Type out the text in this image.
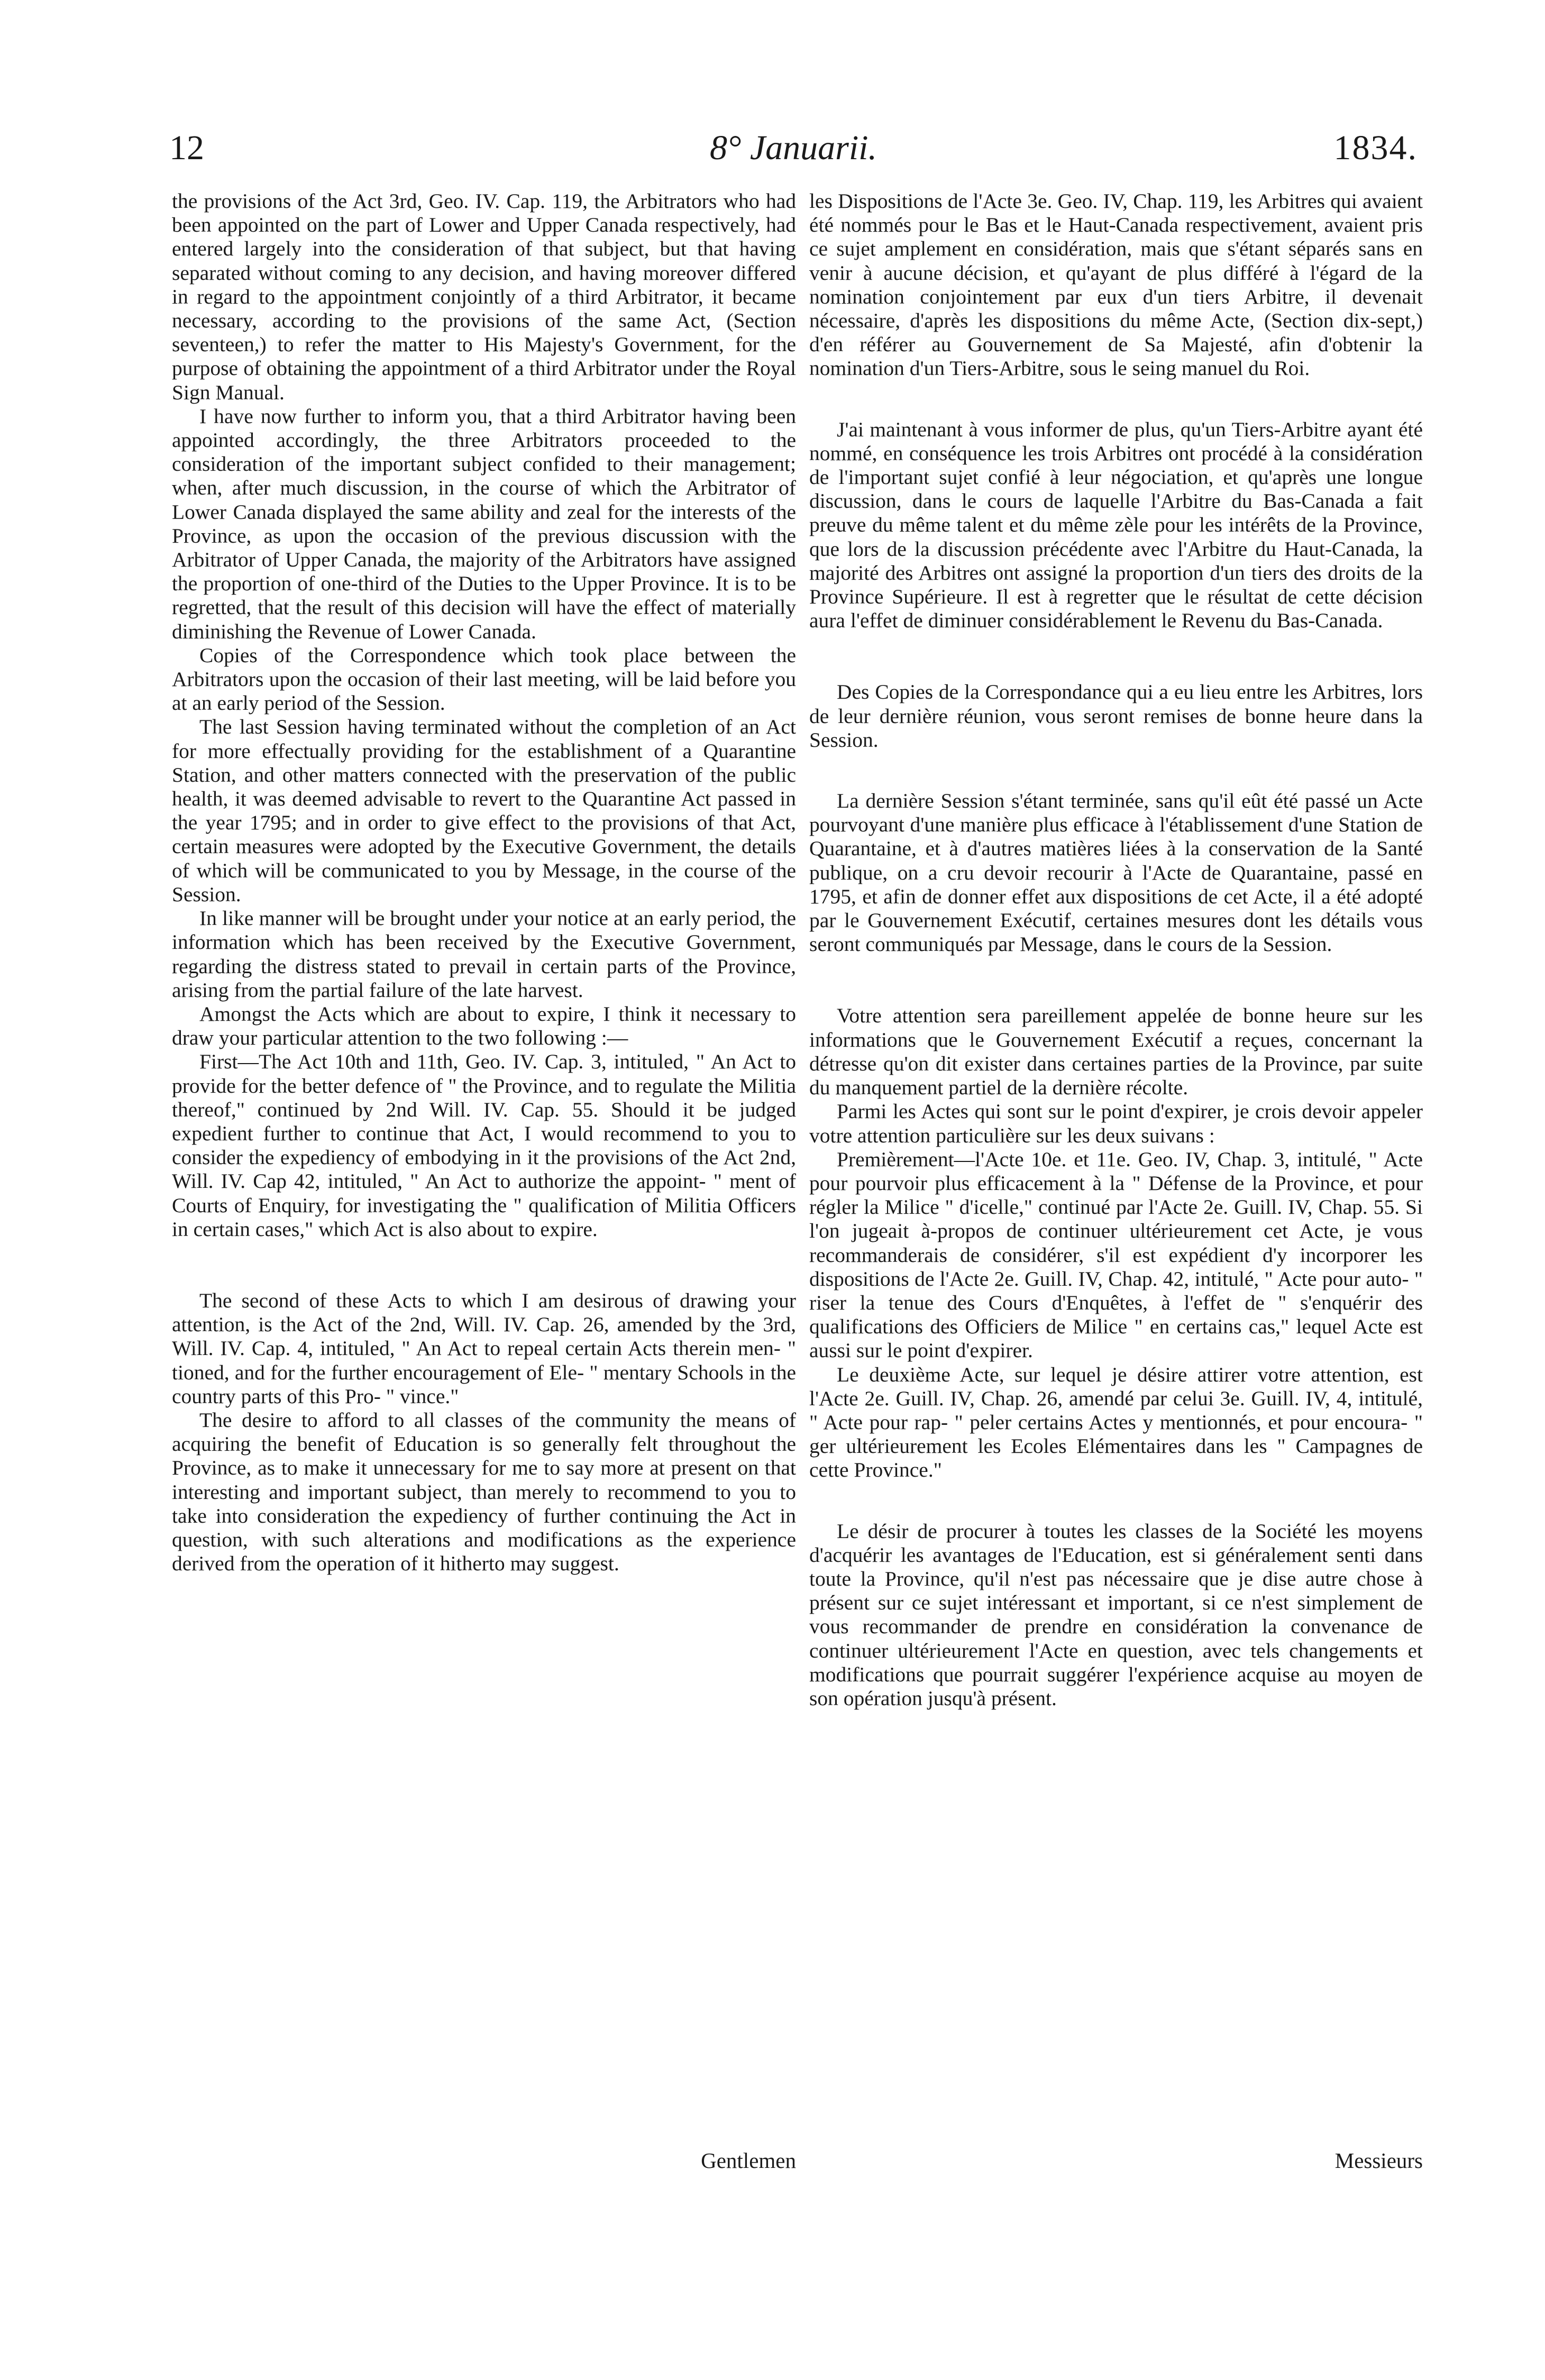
12	8° Januarii.	1834.

the provisions of the Act 3rd, Geo. IV. Cap. 119, the Arbitrators who had been appointed on the part of Lower and Upper Canada respectively, had entered largely into the consideration of that subject, but that having separated without coming to any decision, and having moreover differed in regard to the appointment conjointly of a third Arbitrator, it became necessary, according to the provisions of the same Act, (Section seventeen,) to refer the matter to His Majesty's Government, for the purpose of obtaining the appointment of a third Arbitrator under the Royal Sign Manual.

I have now further to inform you, that a third Arbitrator having been appointed accordingly, the three Arbitrators proceeded to the consideration of the important subject confided to their management; when, after much discussion, in the course of which the Arbitrator of Lower Canada displayed the same ability and zeal for the interests of the Province, as upon the occasion of the previous discussion with the Arbitrator of Upper Canada, the majority of the Arbitrators have assigned the proportion of one-third of the Duties to the Upper Province. It is to be regretted, that the result of this decision will have the effect of materially diminishing the Revenue of Lower Canada.

Copies of the Correspondence which took place between the Arbitrators upon the occasion of their last meeting, will be laid before you at an early period of the Session.

The last Session having terminated without the completion of an Act for more effectually providing for the establishment of a Quarantine Station, and other matters connected with the preservation of the public health, it was deemed advisable to revert to the Quarantine Act passed in the year 1795; and in order to give effect to the provisions of that Act, certain measures were adopted by the Executive Government, the details of which will be communicated to you by Message, in the course of the Session.

In like manner will be brought under your notice at an early period, the information which has been received by the Executive Government, regarding the distress stated to prevail in certain parts of the Province, arising from the partial failure of the late harvest.

Amongst the Acts which are about to expire, I think it necessary to draw your particular attention to the two following :—

First—The Act 10th and 11th, Geo. IV. Cap. 3, intituled, " An Act to provide for the better defence of " the Province, and to regulate the Militia thereof," continued by 2nd Will. IV. Cap. 55. Should it be judged expedient further to continue that Act, I would recommend to you to consider the expediency of embodying in it the provisions of the Act 2nd, Will. IV. Cap 42, intituled, " An Act to authorize the appoint- " ment of Courts of Enquiry, for investigating the " qualification of Militia Officers in certain cases," which Act is also about to expire.

The second of these Acts to which I am desirous of drawing your attention, is the Act of the 2nd, Will. IV. Cap. 26, amended by the 3rd, Will. IV. Cap. 4, intituled, " An Act to repeal certain Acts therein men- " tioned, and for the further encouragement of Ele- " mentary Schools in the country parts of this Pro- " vince."

The desire to afford to all classes of the community the means of acquiring the benefit of Education is so generally felt throughout the Province, as to make it unnecessary for me to say more at present on that interesting and important subject, than merely to recommend to you to take into consideration the expediency of further continuing the Act in question, with such alterations and modifications as the experience derived from the operation of it hitherto may suggest.

les Dispositions de l'Acte 3e. Geo. IV, Chap. 119, les Arbitres qui avaient été nommés pour le Bas et le Haut-Canada respectivement, avaient pris ce sujet amplement en considération, mais que s'étant séparés sans en venir à aucune décision, et qu'ayant de plus différé à l'égard de la nomination conjointement par eux d'un tiers Arbitre, il devenait nécessaire, d'après les dispositions du même Acte, (Section dix-sept,) d'en référer au Gouvernement de Sa Majesté, afin d'obtenir la nomination d'un Tiers-Arbitre, sous le seing manuel du Roi.

J'ai maintenant à vous informer de plus, qu'un Tiers-Arbitre ayant été nommé, en conséquence les trois Arbitres ont procédé à la considération de l'important sujet confié à leur négociation, et qu'après une longue discussion, dans le cours de laquelle l'Arbitre du Bas-Canada a fait preuve du même talent et du même zèle pour les intérêts de la Province, que lors de la discussion précédente avec l'Arbitre du Haut-Canada, la majorité des Arbitres ont assigné la proportion d'un tiers des droits de la Province Supérieure. Il est à regretter que le résultat de cette décision aura l'effet de diminuer considérablement le Revenu du Bas-Canada.

Des Copies de la Correspondance qui a eu lieu entre les Arbitres, lors de leur dernière réunion, vous seront remises de bonne heure dans la Session.

La dernière Session s'étant terminée, sans qu'il eût été passé un Acte pourvoyant d'une manière plus efficace à l'établissement d'une Station de Quarantaine, et à d'autres matières liées à la conservation de la Santé publique, on a cru devoir recourir à l'Acte de Quarantaine, passé en 1795, et afin de donner effet aux dispositions de cet Acte, il a été adopté par le Gouvernement Exécutif, certaines mesures dont les détails vous seront communiqués par Message, dans le cours de la Session.

Votre attention sera pareillement appelée de bonne heure sur les informations que le Gouvernement Exécutif a reçues, concernant la détresse qu'on dit exister dans certaines parties de la Province, par suite du manquement partiel de la dernière récolte.

Parmi les Actes qui sont sur le point d'expirer, je crois devoir appeler votre attention particulière sur les deux suivans :

Premièrement—l'Acte 10e. et 11e. Geo. IV, Chap. 3, intitulé, " Acte pour pourvoir plus efficacement à la " Défense de la Province, et pour régler la Milice " d'icelle," continué par l'Acte 2e. Guill. IV, Chap. 55. Si l'on jugeait à-propos de continuer ultérieurement cet Acte, je vous recommanderais de considérer, s'il est expédient d'y incorporer les dispositions de l'Acte 2e. Guill. IV, Chap. 42, intitulé, " Acte pour auto- " riser la tenue des Cours d'Enquêtes, à l'effet de " s'enquérir des qualifications des Officiers de Milice " en certains cas," lequel Acte est aussi sur le point d'expirer.

Le deuxième Acte, sur lequel je désire attirer votre attention, est l'Acte 2e. Guill. IV, Chap. 26, amendé par celui 3e. Guill. IV, 4, intitulé, " Acte pour rap- " peler certains Actes y mentionnés, et pour encoura- " ger ultérieurement les Ecoles Elémentaires dans les " Campagnes de cette Province."

Le désir de procurer à toutes les classes de la Société les moyens d'acquérir les avantages de l'Education, est si généralement senti dans toute la Province, qu'il n'est pas nécessaire que je dise autre chose à présent sur ce sujet intéressant et important, si ce n'est simplement de vous recommander de prendre en considération la convenance de continuer ultérieurement l'Acte en question, avec tels changements et modifications que pourrait suggérer l'expérience acquise au moyen de son opération jusqu'à présent.

Gentlemen	Messieurs
